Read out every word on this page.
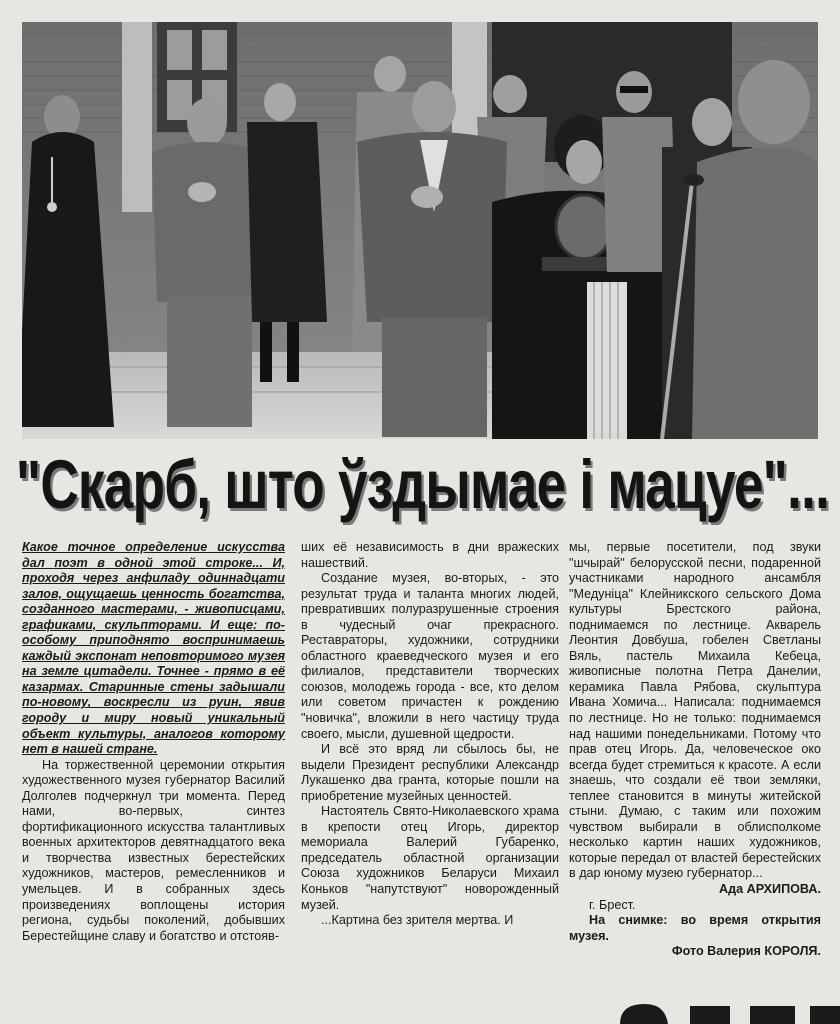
"Скарб, што ўздымае і мацуе"...

Какое точное определение искусства дал поэт в одной этой строке... И, проходя через анфиладу одиннадцати залов, ощущаешь ценность богатства, созданного мастерами, - живописцами, графиками, скульпторами. И еще: по-особому приподнято воспринимаешь каждый экспонат неповторимого музея на земле цитадели. Точнее - прямо в её казармах. Старинные стены задышали по-новому, воскресли из руин, явив городу и миру новый уникальный объект культуры, аналогов которому нет в нашей стране.

На торжественной церемонии открытия художественного музея губернатор Василий Долголев подчеркнул три момента. Перед нами, во-первых, синтез фортификационного искусства талантливых военных архитекторов девятнадцатого века и творчества известных берестейских художников, мастеров, ремесленников и умельцев. И в собранных здесь произведениях воплощены история региона, судьбы поколений, добывших Берестейщине славу и богатство и отстояв-

ших её независимость в дни вражеских нашествий.

Создание музея, во-вторых, - это результат труда и таланта многих людей, превративших полуразрушенные строения в чудесный очаг прекрасного. Реставраторы, художники, сотрудники областного краеведческого музея и его филиалов, представители творческих союзов, молодежь города - все, кто делом или советом причастен к рождению "новичка", вложили в него частицу труда своего, мысли, душевной щедрости.

И всё это вряд ли сбылось бы, не выдели Президент республики Александр Лукашенко два гранта, которые пошли на приобретение музейных ценностей.

Настоятель Свято-Николаевского храма в крепости отец Игорь, директор мемориала Валерий Губаренко, председатель областной организации Союза художников Беларуси Михаил Коньков "напутствуют" новорожденный музей.

...Картина без зрителя мертва. И

мы, первые посетители, под звуки "шчырай" белорусской песни, подаренной участниками народного ансамбля "Медуніца" Клейникского сельского Дома культуры Брестского района, поднимаемся по лестнице. Акварель Леонтия Довбуша, гобелен Светланы Вяль, пастель Михаила Кебеца, живописные полотна Петра Данелии, керамика Павла Рябова, скульптура Ивана Хомича... Написала: поднимаемся по лестнице. Но не только: поднимаемся над нашими понедельниками. Потому что прав отец Игорь. Да, человеческое око всегда будет стремиться к красоте. А если знаешь, что создали её твои земляки, теплее становится в минуты житейской стыни. Думаю, с таким или похожим чувством выбирали в облисполкоме несколько картин наших художников, которые передал от властей берестейских в дар юному музею губернатор...

Ада АРХИПОВА.

г. Брест.

На снимке: во время открытия музея.

Фото Валерия КОРОЛЯ.
